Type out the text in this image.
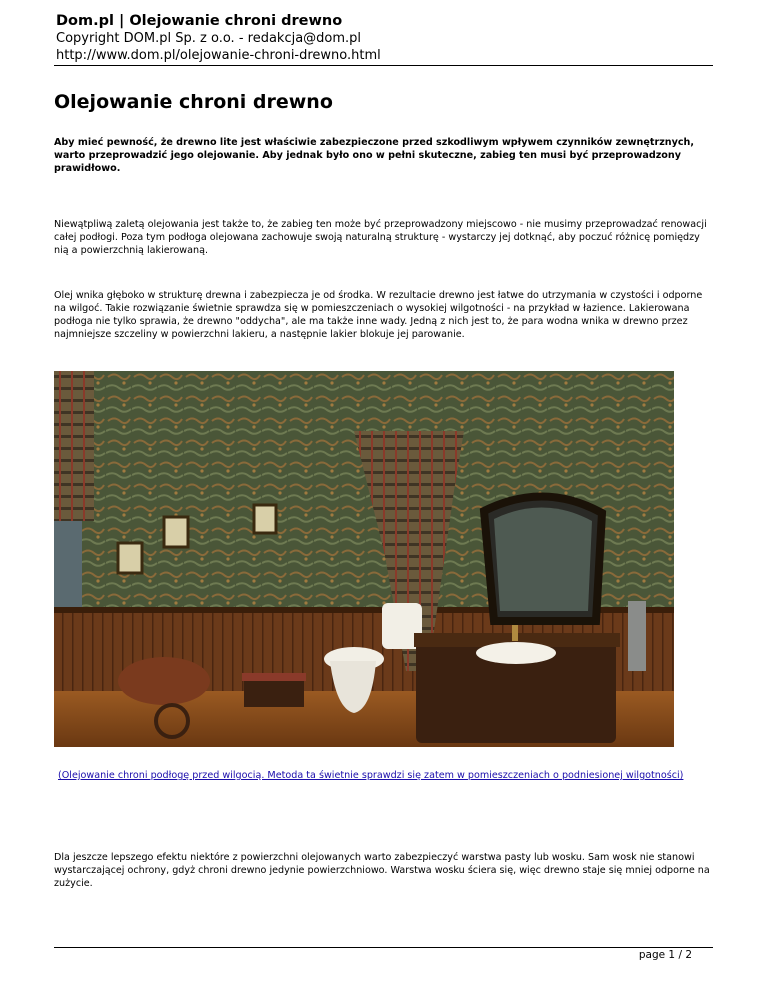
Dom.pl | Olejowanie chroni drewno
Copyright DOM.pl Sp. z o.o. - redakcja@dom.pl
http://www.dom.pl/olejowanie-chroni-drewno.html
Olejowanie chroni drewno
Aby mieć pewność, że drewno lite jest właściwie zabezpieczone przed szkodliwym wpływem czynników zewnętrznych, warto przeprowadzić jego olejowanie. Aby jednak było ono w pełni skuteczne, zabieg ten musi być przeprowadzony prawidłowo.
Niewątpliwą zaletą olejowania jest także to, że zabieg ten może być przeprowadzony miejscowo - nie musimy przeprowadzać renowacji całej podłogi. Poza tym podłoga olejowana zachowuje swoją naturalną strukturę - wystarczy jej dotknąć, aby poczuć różnicę pomiędzy nią a powierzchnią lakierowaną.
Olej wnika głęboko w strukturę drewna i zabezpiecza je od środka. W rezultacie drewno jest łatwe do utrzymania w czystości i odporne na wilgoć. Takie rozwiązanie świetnie sprawdza się w pomieszczeniach o wysokiej wilgotności - na przykład w łazience. Lakierowana podłoga nie tylko sprawia, że drewno "oddycha", ale ma także inne wady. Jedną z nich jest to, że para wodna wnika w drewno przez najmniejsze szczeliny w powierzchni lakieru, a następnie lakier blokuje jej parowanie.
(Olejowanie chroni podłogę przed wilgocią. Metoda ta świetnie sprawdzi się zatem w pomieszczeniach o podniesionej wilgotności)
Dla jeszcze lepszego efektu niektóre z powierzchni olejowanych warto zabezpieczyć warstwa pasty lub wosku. Sam wosk nie stanowi wystarczającej ochrony, gdyż chroni drewno jedynie powierzchniowo. Warstwa wosku ściera się, więc drewno staje się mniej odporne na zużycie.
page 1 / 2
